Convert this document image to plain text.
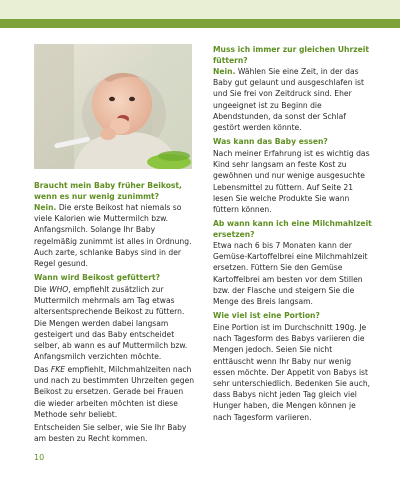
Braucht mein Baby früher Beikost, wenn es nur wenig zunimmt?

Nein. Die erste Beikost hat niemals so viele Kalorien wie Muttermilch bzw. Anfangsmilch. Solange Ihr Baby regelmäßig zunimmt ist alles in Ordnung. Auch zarte, schlanke Babys sind in der Regel gesund.

Wann wird Beikost gefüttert?

Die WHO, empfiehlt zusätzlich zur Muttermilch mehrmals am Tag etwas altersentsprechende Beikost zu füttern. Die Mengen werden dabei langsam gesteigert und das Baby entscheidet selber, ab wann es auf Muttermilch bzw. Anfangsmilch verzichten möchte.

Das FKE empfiehlt, Milchmahlzeiten nach und nach zu bestimmten Uhrzeiten gegen Beikost zu ersetzen. Gerade bei Frauen die wieder arbeiten möchten ist diese Methode sehr beliebt.

Entscheiden Sie selber, wie Sie Ihr Baby am besten zu Recht kommen.

Muss ich immer zur gleichen Uhrzeit füttern?

Nein. Wählen Sie eine Zeit, in der das Baby gut gelaunt und ausgeschlafen ist und Sie frei von Zeitdruck sind. Eher ungeeignet ist zu Beginn die Abendstunden, da sonst der Schlaf gestört werden könnte.

Was kann das Baby essen?

Nach meiner Erfahrung ist es wichtig das Kind sehr langsam an feste Kost zu gewöhnen und nur wenige ausgesuchte Lebensmittel zu füttern. Auf Seite 21 lesen Sie welche Produkte Sie wann füttern können.

Ab wann kann ich eine Milchmahlzeit ersetzen?

Etwa nach 6 bis 7 Monaten kann der Gemüse-Kartoffelbrei eine Milchmahlzeit ersetzen. Füttern Sie den Gemüse Kartoffelbrei am besten vor dem Stillen bzw. der Flasche und steigern Sie die Menge des Breis langsam.

Wie viel ist eine Portion?

Eine Portion ist im Durchschnitt 190g. Je nach Tagesform des Babys variieren die Mengen jedoch. Seien Sie nicht enttäuscht wenn Ihr Baby nur wenig essen möchte. Der Appetit von Babys ist sehr unterschiedlich. Bedenken Sie auch, dass Babys nicht jeden Tag gleich viel Hunger haben, die Mengen können je nach Tagesform variieren.

10
